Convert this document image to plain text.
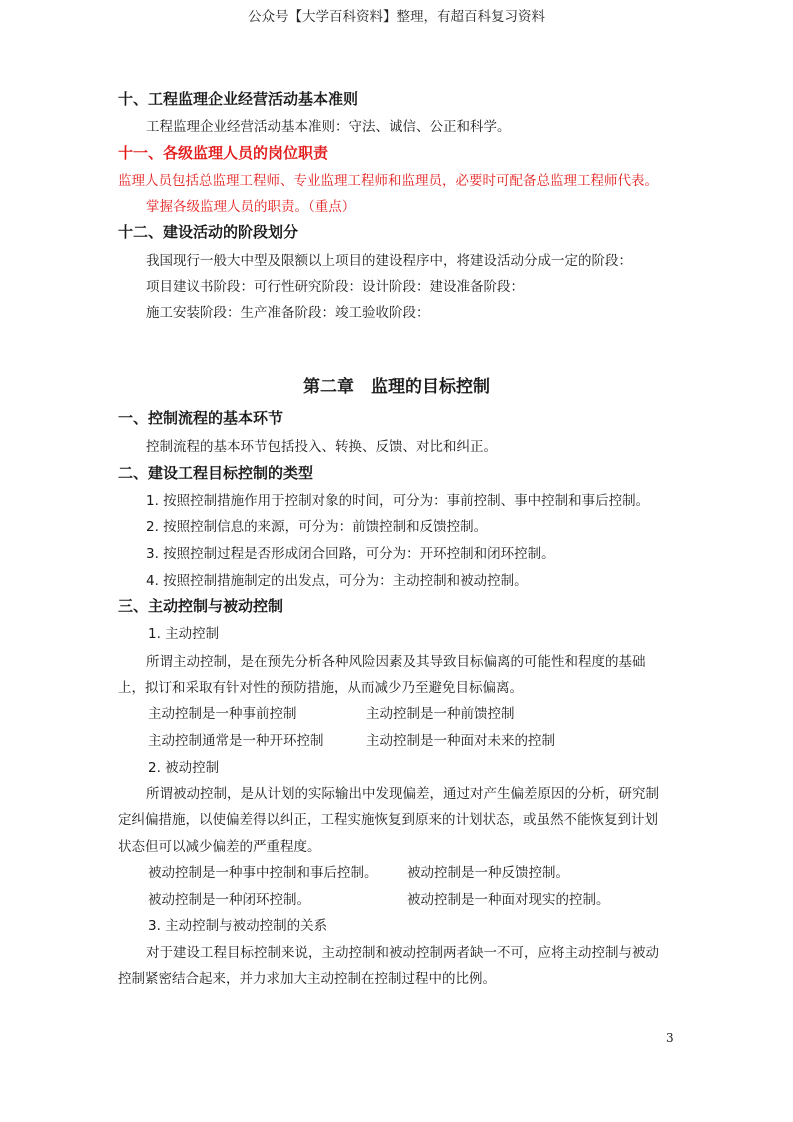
公众号【大学百科资料】整理，有超百科复习资料
十、工程监理企业经营活动基本准则
工程监理企业经营活动基本准则：守法、诚信、公正和科学。
十一、各级监理人员的岗位职责
监理人员包括总监理工程师、专业监理工程师和监理员，必要时可配备总监理工程师代表。
掌握各级监理人员的职责。（重点）
十二、建设活动的阶段划分
我国现行一般大中型及限额以上项目的建设程序中，将建设活动分成一定的阶段：
项目建议书阶段：可行性研究阶段：设计阶段：建设准备阶段：
施工安装阶段：生产准备阶段：竣工验收阶段：
第二章　监理的目标控制
一、控制流程的基本环节
控制流程的基本环节包括投入、转换、反馈、对比和纠正。
二、建设工程目标控制的类型
1. 按照控制措施作用于控制对象的时间，可分为：事前控制、事中控制和事后控制。
2. 按照控制信息的来源，可分为：前馈控制和反馈控制。
3. 按照控制过程是否形成闭合回路，可分为：开环控制和闭环控制。
4. 按照控制措施制定的出发点，可分为：主动控制和被动控制。
三、主动控制与被动控制
1. 主动控制
所谓主动控制，是在预先分析各种风险因素及其导致目标偏离的可能性和程度的基础
上，拟订和采取有针对性的预防措施，从而减少乃至避免目标偏离。
主动控制是一种事前控制	主动控制是一种前馈控制
主动控制通常是一种开环控制	主动控制是一种面对未来的控制
2. 被动控制
所谓被动控制，是从计划的实际输出中发现偏差，通过对产生偏差原因的分析，研究制
定纠偏措施，以使偏差得以纠正，工程实施恢复到原来的计划状态，或虽然不能恢复到计划
状态但可以减少偏差的严重程度。
被动控制是一种事中控制和事后控制。 被动控制是一种反馈控制。
被动控制是一种闭环控制。	被动控制是一种面对现实的控制。
3. 主动控制与被动控制的关系
对于建设工程目标控制来说，主动控制和被动控制两者缺一不可，应将主动控制与被动
控制紧密结合起来，并力求加大主动控制在控制过程中的比例。
3
